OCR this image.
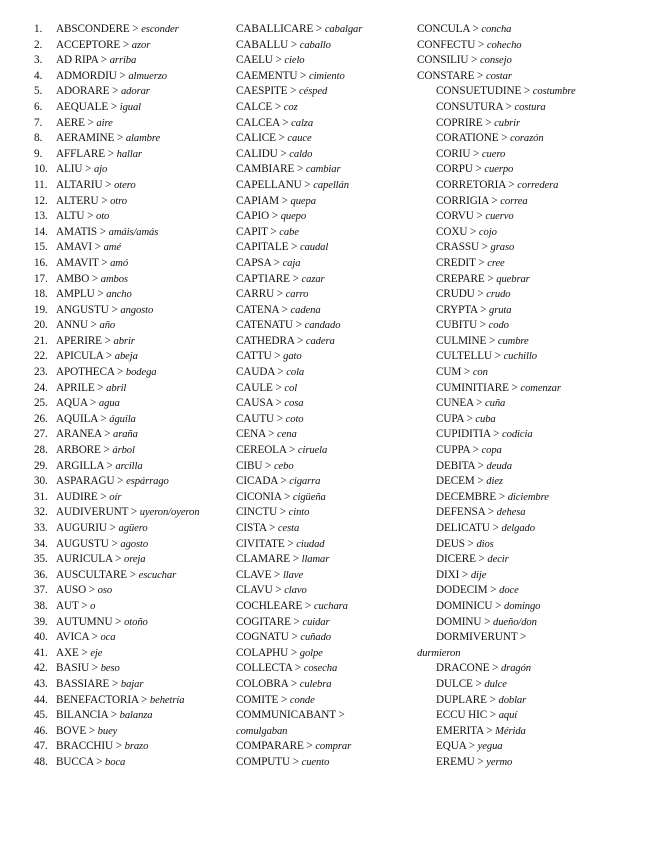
1. ABSCONDERE > esconder
2. ACCEPTORE > azor
3. AD RIPA > arriba
4. ADMORDIU > almuerzo
5. ADORARE > adorar
6. AEQUALE > igual
7. AERE > aire
8. AERAMINE > alambre
9. AFFLARE > hallar
10. ALIU > ajo
11. ALTARIU > otero
12. ALTERU > otro
13. ALTU > oto
14. AMATIS > amáis/amás
15. AMAVI > amé
16. AMAVIT > amó
17. AMBO > ambos
18. AMPLU > ancho
19. ANGUSTU > angosto
20. ANNU > año
21. APERIRE > abrir
22. APICULA > abeja
23. APOTHECA > bodega
24. APRILE > abril
25. AQUA > agua
26. AQUILA > águila
27. ARANEA > araña
28. ARBORE > árbol
29. ARGILLA > arcilla
30. ASPARAGU > espárrago
31. AUDIRE > oír
32. AUDIVERUNT > uyeron/oyeron
33. AUGURIU > agüero
34. AUGUSTU > agosto
35. AURICULA > oreja
36. AUSCULTARE > escuchar
37. AUSO > oso
38. AUT > o
39. AUTUMNU > otoño
40. AVICA > oca
41. AXE > eje
42. BASIU > beso
43. BASSIARE > bajar
44. BENEFACTORIA > behetría
45. BILANCIA > balanza
46. BOVE > buey
47. BRACCHIU > brazo
48. BUCCA > boca
CABALLICARE > cabalgar
CABALLU > caballo
CAELU > cielo
CAEMENTU > cimiento
CAESPITE > césped
CALCE > coz
CALCEA > calza
CALICE > cauce
CALIDU > caldo
CAMBIARE > cambiar
CAPELLANU > capellán
CAPIAM > quepa
CAPIO > quepo
CAPIT > cabe
CAPITALE > caudal
CAPSA > caja
CAPTIARE > cazar
CARRU > carro
CATENA > cadena
CATENATU > candado
CATHEDRA > cadera
CATTU > gato
CAUDA > cola
CAULE > col
CAUSA > cosa
CAUTU > coto
CENA > cena
CEREOLA > ciruela
CIBU > cebo
CICADA > cigarra
CICONIA > cigüeña
CINCTU > cinto
CISTA > cesta
CIVITATE > ciudad
CLAMARE > llamar
CLAVE > llave
CLAVU > clavo
COCHLEARE > cuchara
COGITARE > cuidar
COGNATU > cuñado
COLAPHU > golpe
COLLECTA > cosecha
COLOBRA > culebra
COMITE > conde
COMMUNICABANT >
comulgaban
COMPARARE > comprar
COMPUTU > cuento
CONCULA > concha
CONFECTU > cohecho
CONSILIU > consejo
CONSTARE > costar
CONSUETUDINE > costumbre
CONSUTURA > costura
COPRIRE > cubrir
CORATIONE > corazón
CORIU > cuero
CORPU > cuerpo
CORRETORIA > corredera
CORRIGIA > correa
CORVU > cuervo
COXU > cojo
CRASSU > graso
CREDIT > cree
CREPARE > quebrar
CRUDU > crudo
CRYPTA > gruta
CUBITU > codo
CULMINE > cumbre
CULTELLU > cuchillo
CUM > con
CUMINITIARE > comenzar
CUNEA > cuña
CUPA > cuba
CUPIDITIA > codicia
CUPPA > copa
DEBITA > deuda
DECEM > diez
DECEMBRE > diciembre
DEFENSA > dehesa
DELICATU > delgado
DEUS > dios
DICERE > decir
DIXI > dije
DODECIM > doce
DOMINICU > domingo
DOMINU > dueño/don
DORMIVERUNT >
durmieron
DRACONE > dragón
DULCE > dulce
DUPLARE > doblar
ECCU HIC > aquí
EMERITA > Mérida
EQUA > yegua
EREMU > yermo
